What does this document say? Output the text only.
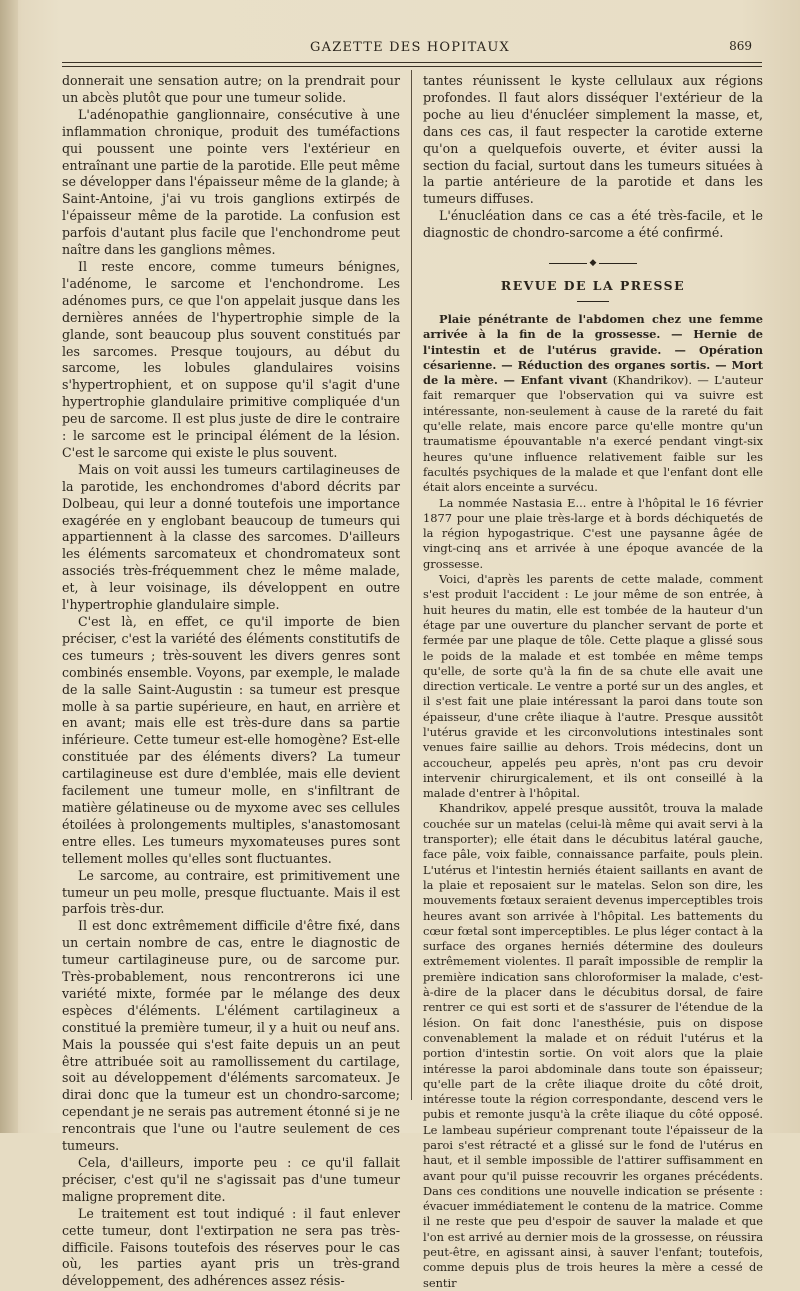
GAZETTE DES HOPITAUX	869

donnerait une sensation autre; on la prendrait pour un abcès plutôt que pour une tumeur solide.

L'adénopathie ganglionnaire, consécutive à une inflammation chronique, produit des tuméfactions qui poussent une pointe vers l'extérieur en entraînant une partie de la parotide. Elle peut même se développer dans l'épaisseur même de la glande; à Saint-Antoine, j'ai vu trois ganglions extirpés de l'épaisseur même de la parotide. La confusion est parfois d'autant plus facile que l'enchondrome peut naître dans les ganglions mêmes.

Il reste encore, comme tumeurs bénignes, l'adénome, le sarcome et l'enchondrome. Les adénomes purs, ce que l'on appelait jusque dans les dernières années de l'hypertrophie simple de la glande, sont beaucoup plus souvent constitués par les sarcomes. Presque toujours, au début du sarcome, les lobules glandulaires voisins s'hypertrophient, et on suppose qu'il s'agit d'une hypertrophie glandulaire primitive compliquée d'un peu de sarcome. Il est plus juste de dire le contraire : le sarcome est le principal élément de la lésion. C'est le sarcome qui existe le plus souvent.

Mais on voit aussi les tumeurs cartilagineuses de la parotide, les enchondromes d'abord décrits par Dolbeau, qui leur a donné toutefois une importance exagérée en y englobant beaucoup de tumeurs qui appartiennent à la classe des sarcomes. D'ailleurs les éléments sarcomateux et chondromateux sont associés très-fréquemment chez le même malade, et, à leur voisinage, ils développent en outre l'hypertrophie glandulaire simple.

C'est là, en effet, ce qu'il importe de bien préciser, c'est la variété des éléments constitutifs de ces tumeurs ; très-souvent les divers genres sont combinés ensemble. Voyons, par exemple, le malade de la salle Saint-Augustin : sa tumeur est presque molle à sa partie supérieure, en haut, en arrière et en avant; mais elle est très-dure dans sa partie inférieure. Cette tumeur est-elle homogène? Est-elle constituée par des éléments divers? La tumeur cartilagineuse est dure d'emblée, mais elle devient facilement une tumeur molle, en s'infiltrant de matière gélatineuse ou de myxome avec ses cellules étoilées à prolongements multiples, s'anastomosant entre elles. Les tumeurs myxomateuses pures sont tellement molles qu'elles sont fluctuantes.

Le sarcome, au contraire, est primitivement une tumeur un peu molle, presque fluctuante. Mais il est parfois très-dur.

Il est donc extrêmement difficile d'être fixé, dans un certain nombre de cas, entre le diagnostic de tumeur cartilagineuse pure, ou de sarcome pur. Très-probablement, nous rencontrerons ici une variété mixte, formée par le mélange des deux espèces d'éléments. L'élément cartilagineux a constitué la première tumeur, il y a huit ou neuf ans. Mais la poussée qui s'est faite depuis un an peut être attribuée soit au ramollissement du cartilage, soit au développement d'éléments sarcomateux. Je dirai donc que la tumeur est un chondro-sarcome; cependant je ne serais pas autrement étonné si je ne rencontrais que l'une ou l'autre seulement de ces tumeurs.

Cela, d'ailleurs, importe peu : ce qu'il fallait préciser, c'est qu'il ne s'agissait pas d'une tumeur maligne proprement dite.

Le traitement est tout indiqué : il faut enlever cette tumeur, dont l'extirpation ne sera pas très-difficile. Faisons toutefois des réserves pour le cas où, les parties ayant pris un très-grand développement, des adhérences assez résis-

tantes réunissent le kyste cellulaux aux régions profondes. Il faut alors disséquer l'extérieur de la poche au lieu d'énucléer simplement la masse, et, dans ces cas, il faut respecter la carotide externe qu'on a quelquefois ouverte, et éviter aussi la section du facial, surtout dans les tumeurs situées à la partie antérieure de la parotide et dans les tumeurs diffuses.

L'énucléation dans ce cas a été très-facile, et le diagnostic de chondro-sarcome a été confirmé.

◆
REVUE DE LA PRESSE

Plaie pénétrante de l'abdomen chez une femme arrivée à la fin de la grossesse. — Hernie de l'intestin et de l'utérus gravide. — Opération césarienne. — Réduction des organes sortis. — Mort de la mère. — Enfant vivant (Khandrikov). — L'auteur fait remarquer que l'observation qui va suivre est intéressante, non-seulement à cause de la rareté du fait qu'elle relate, mais encore parce qu'elle montre qu'un traumatisme épouvantable n'a exercé pendant vingt-six heures qu'une influence relativement faible sur les facultés psychiques de la malade et que l'enfant dont elle était alors enceinte a survécu.

La nommée Nastasia E... entre à l'hôpital le 16 février 1877 pour une plaie très-large et à bords déchiquetés de la région hypogastrique. C'est une paysanne âgée de vingt-cinq ans et arrivée à une époque avancée de la grossesse.

Voici, d'après les parents de cette malade, comment s'est produit l'accident : Le jour même de son entrée, à huit heures du matin, elle est tombée de la hauteur d'un étage par une ouverture du plancher servant de porte et fermée par une plaque de tôle. Cette plaque a glissé sous le poids de la malade et est tombée en même temps qu'elle, de sorte qu'à la fin de sa chute elle avait une direction verticale. Le ventre a porté sur un des angles, et il s'est fait une plaie intéressant la paroi dans toute son épaisseur, d'une crête iliaque à l'autre. Presque aussitôt l'utérus gravide et les circonvolutions intestinales sont venues faire saillie au dehors. Trois médecins, dont un accoucheur, appelés peu après, n'ont pas cru devoir intervenir chirurgicalement, et ils ont conseillé à la malade d'entrer à l'hôpital.

Khandrikov, appelé presque aussitôt, trouva la malade couchée sur un matelas (celui-là même qui avait servi à la transporter); elle était dans le décubitus latéral gauche, face pâle, voix faible, connaissance parfaite, pouls plein. L'utérus et l'intestin herniés étaient saillants en avant de la plaie et reposaient sur le matelas. Selon son dire, les mouvements fœtaux seraient devenus imperceptibles trois heures avant son arrivée à l'hôpital. Les battements du cœur fœtal sont imperceptibles. Le plus léger contact à la surface des organes herniés détermine des douleurs extrêmement violentes. Il paraît impossible de remplir la première indication sans chloroformiser la malade, c'est-à-dire de la placer dans le décubitus dorsal, de faire rentrer ce qui est sorti et de s'assurer de l'étendue de la lésion. On fait donc l'anesthésie, puis on dispose convenablement la malade et on réduit l'utérus et la portion d'intestin sortie. On voit alors que la plaie intéresse la paroi abdominale dans toute son épaisseur; qu'elle part de la crête iliaque droite du côté droit, intéresse toute la région correspondante, descend vers le pubis et remonte jusqu'à la crête iliaque du côté opposé. Le lambeau supérieur comprenant toute l'épaisseur de la paroi s'est rétracté et a glissé sur le fond de l'utérus en haut, et il semble impossible de l'attirer suffisamment en avant pour qu'il puisse recouvrir les organes précédents. Dans ces conditions une nouvelle indication se présente : évacuer immédiatement le contenu de la matrice. Comme il ne reste que peu d'espoir de sauver la malade et que l'on est arrivé au dernier mois de la grossesse, on réussira peut-être, en agissant ainsi, à sauver l'enfant; toutefois, comme depuis plus de trois heures la mère a cessé de sentir
